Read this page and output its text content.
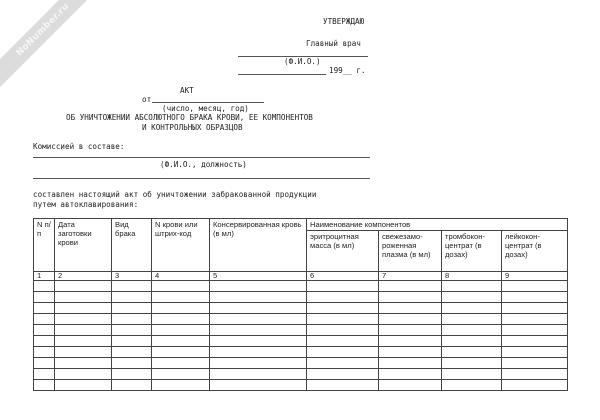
NoNumber.ru	УТВЕРЖДАЮ
Главный врач
(Ф.И.О.)
199__ г.
АКТ
от
(число, месяц, год)
ОБ УНИЧТОЖЕНИИ АБСОЛЮТНОГО БРАКА КРОВИ, ЕЕ КОМПОНЕНТОВ
И КОНТРОЛЬНЫХ ОБРАЗЦОВ
Комиссией в составе:
(Ф.И.О., должность)
составлен настоящий акт об уничтожении забракованной продукции
путем автоклавирования:
N п/п	Дата заготовки крови	Вид брака	N крови или штрих-код	Консервированная кровь (в мл)	Наименование компонентов			
					эритроцитная масса (в мл)	свежезамо- роженная плазма (в мл)	тромбокон- центрат (в дозах)	лейкокон- центрат (в дозах)
1	2	3	4	5	6	7	8	9
